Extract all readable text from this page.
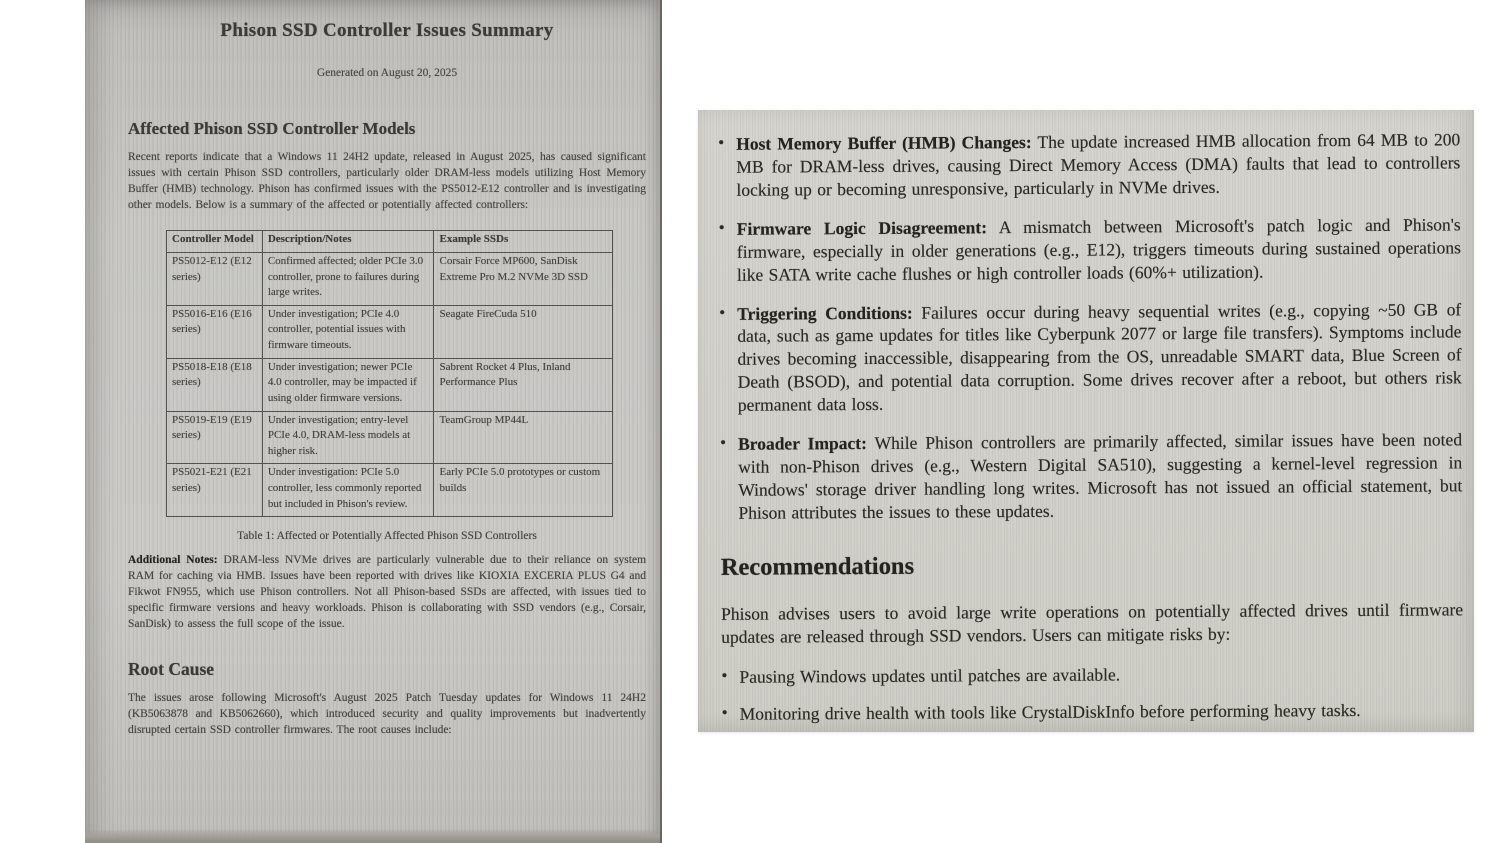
Phison SSD Controller Issues Summary
Generated on August 20, 2025
Affected Phison SSD Controller Models

Recent reports indicate that a Windows 11 24H2 update, released in August 2025, has caused significant issues with certain Phison SSD controllers, particularly older DRAM-less models utilizing Host Memory Buffer (HMB) technology. Phison has confirmed issues with the PS5012-E12 controller and is investigating other models. Below is a summary of the affected or potentially affected controllers:

Controller Model	Description/Notes	Example SSDs
PS5012-E12 (E12 series)	Confirmed affected; older PCIe 3.0 controller, prone to failures during large writes.	Corsair Force MP600, SanDisk Extreme Pro M.2 NVMe 3D SSD
PS5016-E16 (E16 series)	Under investigation; PCIe 4.0 controller, potential issues with firmware timeouts.	Seagate FireCuda 510
PS5018-E18 (E18 series)	Under investigation; newer PCIe 4.0 controller, may be impacted if using older firmware versions.	Sabrent Rocket 4 Plus, Inland Performance Plus
PS5019-E19 (E19 series)	Under investigation; entry-level PCIe 4.0, DRAM-less models at higher risk.	TeamGroup MP44L
PS5021-E21 (E21 series)	Under investigation: PCIe 5.0 controller, less commonly reported but included in Phison's review.	Early PCIe 5.0 prototypes or custom builds
Table 1: Affected or Potentially Affected Phison SSD Controllers

Additional Notes: DRAM-less NVMe drives are particularly vulnerable due to their reliance on system RAM for caching via HMB. Issues have been reported with drives like KIOXIA EXCERIA PLUS G4 and Fikwot FN955, which use Phison controllers. Not all Phison-based SSDs are affected, with issues tied to specific firmware versions and heavy workloads. Phison is collaborating with SSD vendors (e.g., Corsair, SanDisk) to assess the full scope of the issue.

Root Cause

The issues arose following Microsoft's August 2025 Patch Tuesday updates for Windows 11 24H2 (KB5063878 and KB5062660), which introduced security and quality improvements but inadvertently disrupted certain SSD controller firmwares. The root causes include:

• Host Memory Buffer (HMB) Changes: The update increased HMB allocation from 64 MB to 200 MB for DRAM-less drives, causing Direct Memory Access (DMA) faults that lead to controllers locking up or becoming unresponsive, particularly in NVMe drives.
• Firmware Logic Disagreement: A mismatch between Microsoft's patch logic and Phison's firmware, especially in older generations (e.g., E12), triggers timeouts during sustained operations like SATA write cache flushes or high controller loads (60%+ utilization).
• Triggering Conditions: Failures occur during heavy sequential writes (e.g., copying ~50 GB of data, such as game updates for titles like Cyberpunk 2077 or large file transfers). Symptoms include drives becoming inaccessible, disappearing from the OS, unreadable SMART data, Blue Screen of Death (BSOD), and potential data corruption. Some drives recover after a reboot, but others risk permanent data loss.
• Broader Impact: While Phison controllers are primarily affected, similar issues have been noted with non-Phison drives (e.g., Western Digital SA510), suggesting a kernel-level regression in Windows' storage driver handling long writes. Microsoft has not issued an official statement, but Phison attributes the issues to these updates.
Recommendations

Phison advises users to avoid large write operations on potentially affected drives until firmware updates are released through SSD vendors. Users can mitigate risks by:

• Pausing Windows updates until patches are available.
• Monitoring drive health with tools like CrystalDiskInfo before performing heavy tasks.
